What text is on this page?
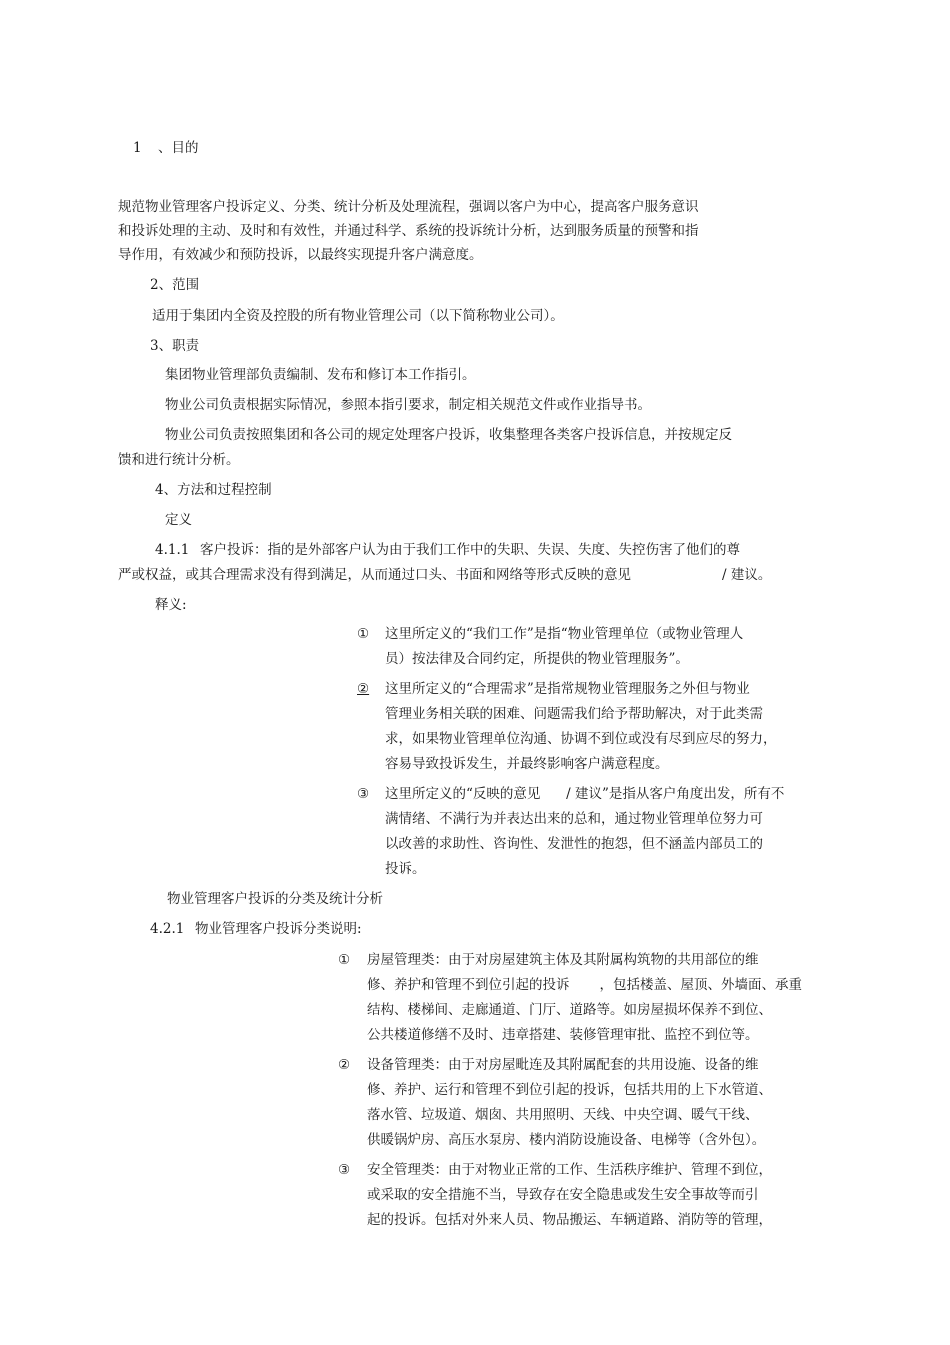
1 、目的
规范物业管理客户投诉定义、分类、统计分析及处理流程，强调以客户为中心，提高客户服务意识
和投诉处理的主动、及时和有效性，并通过科学、系统的投诉统计分析，达到服务质量的预警和指
导作用，有效减少和预防投诉，以最终实现提升客户满意度。
2、范围
适用于集团内全资及控股的所有物业管理公司（以下简称物业公司）。
3、职责
集团物业管理部负责编制、发布和修订本工作指引。
物业公司负责根据实际情况，参照本指引要求，制定相关规范文件或作业指导书。
物业公司负责按照集团和各公司的规定处理客户投诉，收集整理各类客户投诉信息，并按规定反
馈和进行统计分析。
4、方法和过程控制
定义
4.1.1 客户投诉：指的是外部客户认为由于我们工作中的失职、失误、失度、失控伤害了他们的尊
严或权益，或其合理需求没有得到满足，从而通过口头、书面和网络等形式反映的意见	/ 建议。
释义:
① 这里所定义的“我们工作”是指“物业管理单位（或物业管理人
员）按法律及合同约定，所提供的物业管理服务”。
② 这里所定义的“合理需求”是指常规物业管理服务之外但与物业
管理业务相关联的困难、问题需我们给予帮助解决，对于此类需
求，如果物业管理单位沟通、协调不到位或没有尽到应尽的努力，
容易导致投诉发生，并最终影响客户满意程度。
③ 这里所定义的“反映的意见      / 建议”是指从客户角度出发，所有不
满情绪、不满行为并表达出来的总和，通过物业管理单位努力可
以改善的求助性、咨询性、发泄性的抱怨，但不涵盖内部员工的
投诉。
物业管理客户投诉的分类及统计分析
4.2.1 物业管理客户投诉分类说明:
① 房屋管理类：由于对房屋建筑主体及其附属构筑物的共用部位的维
修、养护和管理不到位引起的投诉       ，包括楼盖、屋顶、外墙面、承重
结构、楼梯间、走廊通道、门厅、道路等。如房屋损坏保养不到位、
公共楼道修缮不及时、违章搭建、装修管理审批、监控不到位等。
② 设备管理类：由于对房屋毗连及其附属配套的共用设施、设备的维
修、养护、运行和管理不到位引起的投诉，包括共用的上下水管道、
落水管、垃圾道、烟囱、共用照明、天线、中央空调、暖气干线、
供暖锅炉房、高压水泵房、楼内消防设施设备、电梯等（含外包）。
③ 安全管理类：由于对物业正常的工作、生活秩序维护、管理不到位，
或采取的安全措施不当，导致存在安全隐患或发生安全事故等而引
起的投诉。包括对外来人员、物品搬运、车辆道路、消防等的管理，
